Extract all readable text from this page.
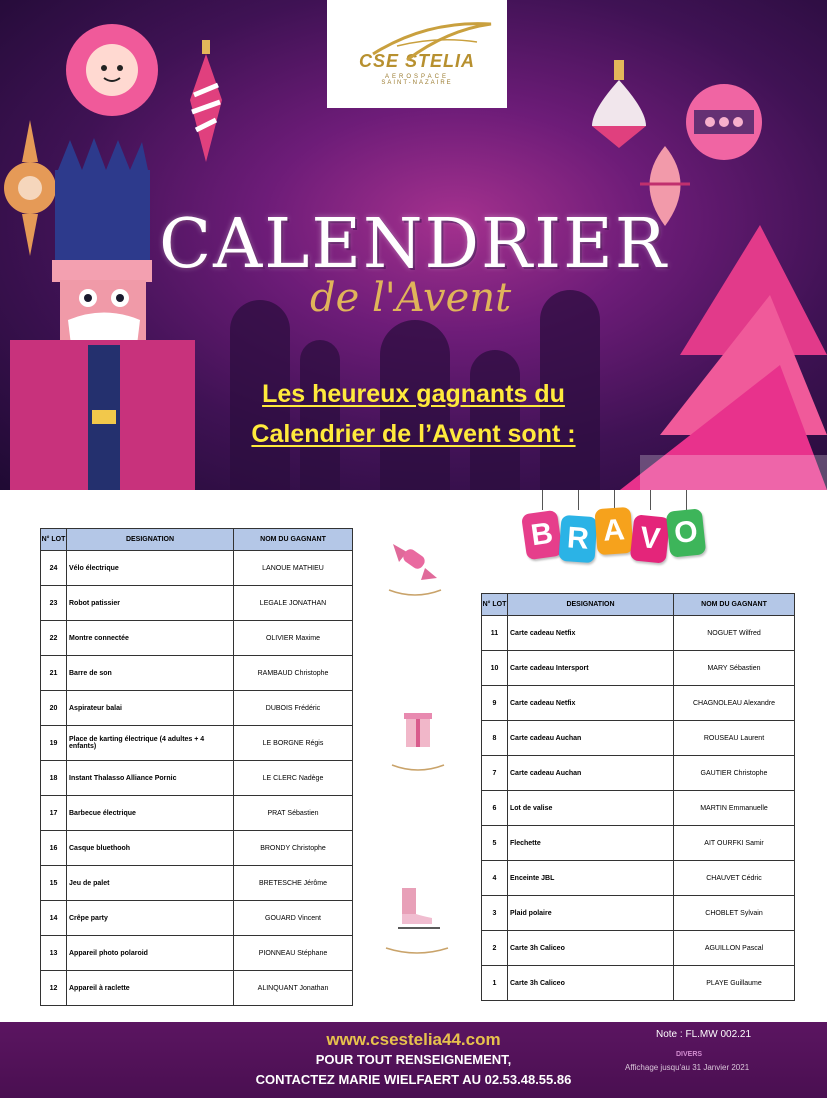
CSE STELIA
AEROSPACE
SAINT-NAZAIRE
CALENDRIER
de l'Avent
Les heureux gagnants du
Calendrier de l’Avent sont :
N° LOT	DESIGNATION	NOM DU GAGNANT
24	Vélo électrique	LANOUE MATHIEU
23	Robot patissier	LEGALE JONATHAN
22	Montre connectée	OLIVIER Maxime
21	Barre de son	RAMBAUD Christophe
20	Aspirateur balai	DUBOIS Frédéric
19	Place de karting électrique (4 adultes + 4 enfants)	LE BORGNE Régis
18	Instant Thalasso Alliance Pornic	LE CLERC Nadège
17	Barbecue électrique	PRAT Sébastien
16	Casque bluethooh	BRONDY Christophe
15	Jeu de palet	BRETESCHE Jérôme
14	Crêpe party	GOUARD Vincent
13	Appareil photo polaroid	PIONNEAU Stéphane
12	Appareil à raclette	ALINQUANT Jonathan
N° LOT	DESIGNATION	NOM DU GAGNANT
11	Carte cadeau Netfix	NOGUET Wilfred
10	Carte cadeau Intersport	MARY Sébastien
9	Carte cadeau Netfix	CHAGNOLEAU Alexandre
8	Carte cadeau Auchan	ROUSEAU Laurent
7	Carte cadeau Auchan	GAUTIER Christophe
6	Lot de valise	MARTIN Emmanuelle
5	Flechette	AIT OURFKI Samir
4	Enceinte JBL	CHAUVET Cédric
3	Plaid polaire	CHOBLET Sylvain
2	Carte 3h Caliceo	AGUILLON Pascal
1	Carte 3h Caliceo	PLAYE Guillaume
B R A V O
www.csestelia44.com
POUR TOUT RENSEIGNEMENT,
CONTACTEZ MARIE WIELFAERT AU 02.53.48.55.86
Note : FL.MW 002.21
DIVERS
Affichage jusqu'au 31 Janvier 2021
